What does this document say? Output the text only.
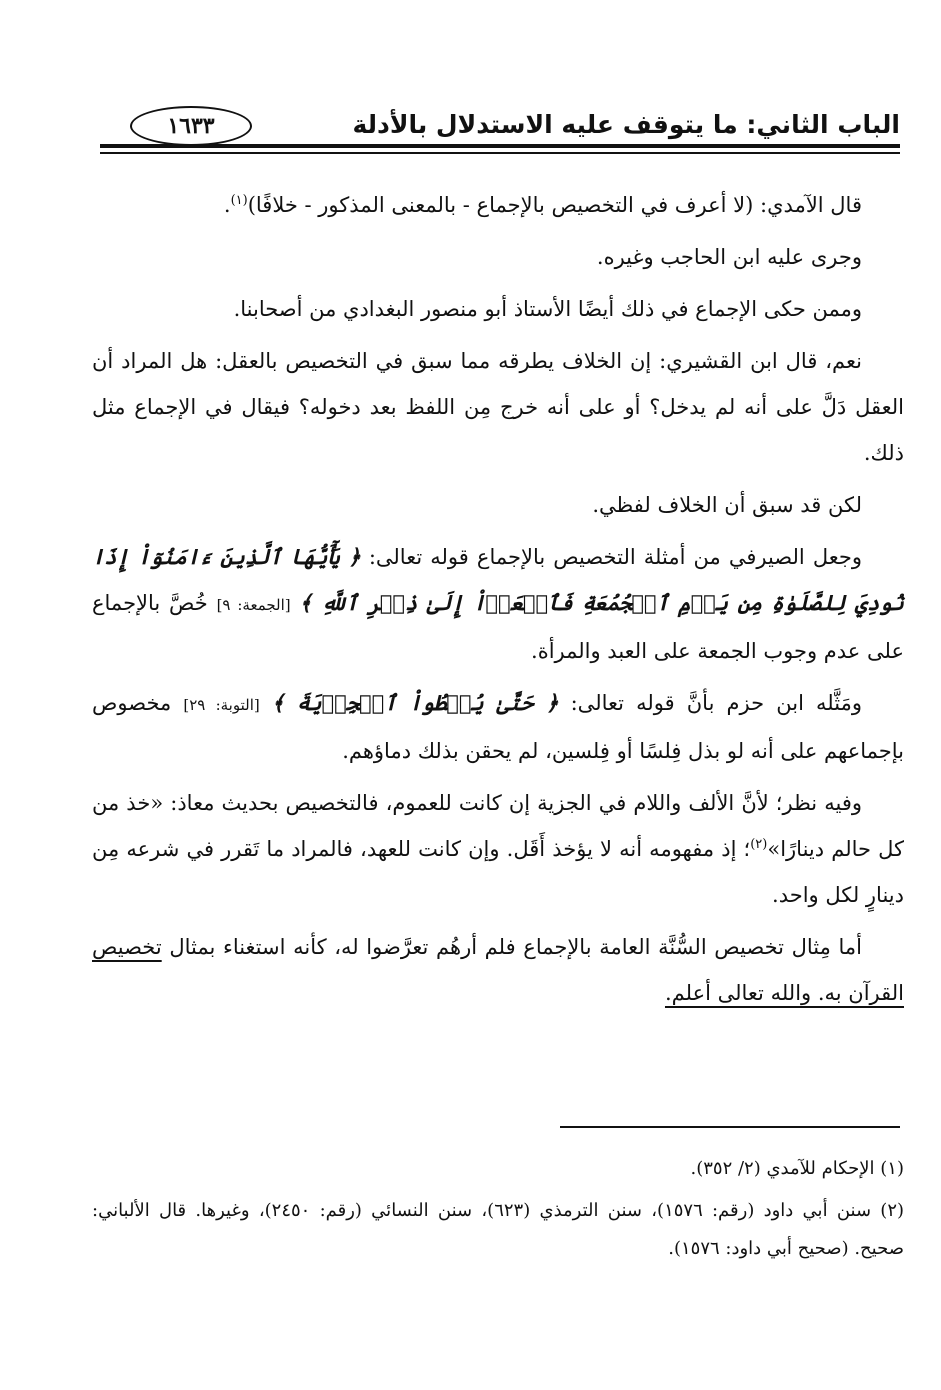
الباب الثاني: ما يتوقف عليه الاستدلال بالأدلة
١٦٣٣

قال الآمدي: (لا أعرف في التخصيص بالإجماع - بالمعنى المذكور - خلافًا)$^{(١)}$.

وجرى عليه ابن الحاجب وغيره.

وممن حكى الإجماع في ذلك أيضًا الأستاذ أبو منصور البغدادي من أصحابنا.

نعم، قال ابن القشيري: إن الخلاف يطرقه مما سبق في التخصيص بالعقل: هل المراد أن العقل دَلَّ على أنه لم يدخل؟ أو على أنه خرج مِن اللفظ بعد دخوله؟ فيقال في الإجماع مثل ذلك.

لكن قد سبق أن الخلاف لفظي.

وجعل الصيرفي من أمثلة التخصيص بالإجماع قوله تعالى: ﴿ يَٰٓأَيُّهَا ٱلَّذِينَ ءَامَنُوٓاْ إِذَا نُودِيَ لِلصَّلَوٰةِ مِن يَوۡمِ ٱلۡجُمُعَةِ فَٱسۡعَوۡاْ إِلَىٰ ذِكۡرِ ٱللَّهِ ﴾ [الجمعة: ٩] خُصَّ بالإجماع على عدم وجوب الجمعة على العبد والمرأة.

ومَثَّله ابن حزم بأنَّ قوله تعالى: ﴿ حَتَّىٰ يُعۡطُواْ ٱلۡجِزۡيَةَ ﴾ [التوبة: ٢٩] مخصوص بإجماعهم على أنه لو بذل فِلسًا أو فِلسين، لم يحقن بذلك دماؤهم.

وفيه نظر؛ لأنَّ الألف واللام في الجزية إن كانت للعموم، فالتخصيص بحديث معاذ: «خذ من كل حالم دينارًا»$^{(٢)}$؛ إذ مفهومه أنه لا يؤخذ أَقَل. وإن كانت للعهد، فالمراد ما تَقرر في شرعه مِن دينارٍ لكل واحد.

أما مِثال تخصيص السُّنَّة العامة بالإجماع فلم أرهُم تعرَّضوا له، كأنه استغناء بمثال تخصيص القرآن به. والله تعالى أعلم.

(١) الإحكام للآمدي (٢/ ٣٥٢).

(٢) سنن أبي داود (رقم: ١٥٧٦)، سنن الترمذي (٦٢٣)، سنن النسائي (رقم: ٢٤٥٠)، وغيرها. قال الألباني: صحيح. (صحيح أبي داود: ١٥٧٦).
